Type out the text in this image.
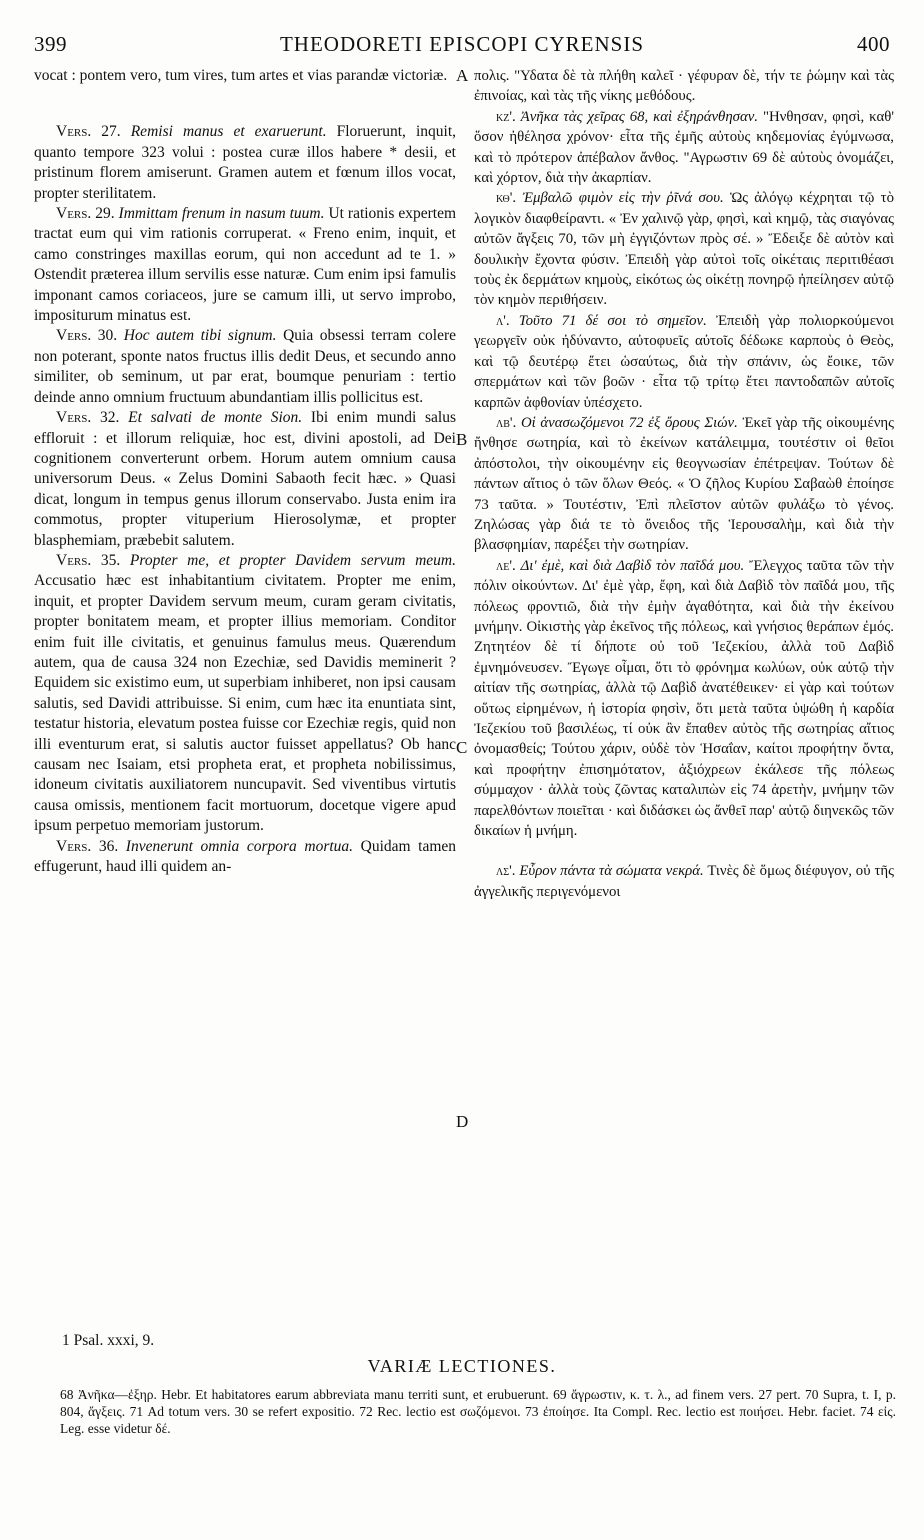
399	THEODORETI EPISCOPI CYRENSIS	400
A
B
C
D

vocat : pontem vero, tum vires, tum artes et vias parandæ victoriæ.

Vers. 27. Remisi manus et exaruerunt. Floruerunt, inquit, quanto tempore 323 volui : postea curæ illos habere * desii, et pristinum florem amiserunt. Gramen autem et fœnum illos vocat, propter sterilitatem.

Vers. 29. Immittam frenum in nasum tuum. Ut rationis expertem tractat eum qui vim rationis corruperat. « Freno enim, inquit, et camo constringes maxillas eorum, qui non accedunt ad te 1. » Ostendit præterea illum servilis esse naturæ. Cum enim ipsi famulis imponant camos coriaceos, jure se camum illi, ut servo improbo, impositurum minatus est.

Vers. 30. Hoc autem tibi signum. Quia obsessi terram colere non poterant, sponte natos fructus illis dedit Deus, et secundo anno similiter, ob seminum, ut par erat, boumque penuriam : tertio deinde anno omnium fructuum abundantiam illis pollicitus est.

Vers. 32. Et salvati de monte Sion. Ibi enim mundi salus effloruit : et illorum reliquiæ, hoc est, divini apostoli, ad Dei cognitionem converterunt orbem. Horum autem omnium causa universorum Deus. « Zelus Domini Sabaoth fecit hæc. » Quasi dicat, longum in tempus genus illorum conservabo. Justa enim ira commotus, propter vituperium Hierosolymæ, et propter blasphemiam, præbebit salutem.

Vers. 35. Propter me, et propter Davidem servum meum. Accusatio hæc est inhabitantium civitatem. Propter me enim, inquit, et propter Davidem servum meum, curam geram civitatis, propter bonitatem meam, et propter illius memoriam. Conditor enim fuit ille civitatis, et genuinus famulus meus. Quærendum autem, qua de causa 324 non Ezechiæ, sed Davidis meminerit ? Equidem sic existimo eum, ut superbiam inhiberet, non ipsi causam salutis, sed Davidi attribuisse. Si enim, cum hæc ita enuntiata sint, testatur historia, elevatum postea fuisse cor Ezechiæ regis, quid non illi eventurum erat, si salutis auctor fuisset appellatus? Ob hanc causam nec Isaiam, etsi propheta erat, et propheta nobilissimus, idoneum civitatis auxiliatorem nuncupavit. Sed viventibus virtutis causa omissis, mentionem facit mortuorum, docetque vigere apud ipsum perpetuo memoriam justorum.

Vers. 36. Invenerunt omnia corpora mortua. Quidam tamen effugerunt, haud illi quidem an-

πολις. "Υδατα δὲ τὰ πλήθη καλεῖ · γέφυραν δὲ, τήν τε ῥώμην καὶ τὰς ἐπινοίας, καὶ τὰς τῆς νίκης μεθόδους.

κζ'. Ἀνῆκα τὰς χεῖρας 68, καὶ ἐξηράνθησαν. "Ηνθησαν, φησὶ, καθ' ὅσον ἠθέλησα χρόνον· εἶτα τῆς ἐμῆς αὐτοὺς κηδεμονίας ἐγύμνωσα, καὶ τὸ πρότερον ἀπέβαλον ἄνθος. "Αγρωστιν 69 δὲ αὐτοὺς ὀνομάζει, καὶ χόρτον, διὰ τὴν ἀκαρπίαν.

κθ'. Ἐμβαλῶ φιμὸν εἰς τὴν ῥῖνά σου. Ὡς ἀλόγῳ κέχρηται τῷ τὸ λογικὸν διαφθείραντι. « Ἐν χαλινῷ γὰρ, φησὶ, καὶ κημῷ, τὰς σιαγόνας αὐτῶν ἄγξεις 70, τῶν μὴ ἐγγιζόντων πρὸς σέ. » Ἔδειξε δὲ αὐτὸν καὶ δουλικὴν ἔχοντα φύσιν. Ἐπειδὴ γὰρ αὐτοὶ τοῖς οἰκέταις περιτιθέασι τοὺς ἐκ δερμάτων κημοὺς, εἰκότως ὡς οἰκέτῃ πονηρῷ ἠπείλησεν αὐτῷ τὸν κημὸν περιθήσειν.

λ'. Τοῦτο 71 δέ σοι τὸ σημεῖον. Ἐπειδὴ γὰρ πολιορκούμενοι γεωργεῖν οὐκ ἠδύναντο, αὐτοφυεῖς αὐτοῖς δέδωκε καρποὺς ὁ Θεὸς, καὶ τῷ δευτέρῳ ἔτει ὡσαύτως, διὰ τὴν σπάνιν, ὡς ἔοικε, τῶν σπερμάτων καὶ τῶν βοῶν · εἶτα τῷ τρίτῳ ἔτει παντοδαπῶν αὐτοῖς καρπῶν ἀφθονίαν ὑπέσχετο.

λβ'. Οἱ ἀνασωζόμενοι 72 ἐξ ὄρους Σιών. Ἐκεῖ γὰρ τῆς οἰκουμένης ἤνθησε σωτηρία, καὶ τὸ ἐκείνων κατάλειμμα, τουτέστιν οἱ θεῖοι ἀπόστολοι, τὴν οἰκουμένην εἰς θεογνωσίαν ἐπέτρεψαν. Τούτων δὲ πάντων αἴτιος ὁ τῶν ὅλων Θεός. « Ὁ ζῆλος Κυρίου Σαβαὼθ ἐποίησε 73 ταῦτα. » Τουτέστιν, Ἐπὶ πλεῖστον αὐτῶν φυλάξω τὸ γένος. Ζηλώσας γὰρ διά τε τὸ ὄνειδος τῆς Ἱερουσαλὴμ, καὶ διὰ τὴν βλασφημίαν, παρέξει τὴν σωτηρίαν.

λε'. Δι' ἐμὲ, καὶ διὰ Δαβὶδ τὸν παῖδά μου. Ἔλεγχος ταῦτα τῶν τὴν πόλιν οἰκούντων. Δι' ἐμὲ γὰρ, ἔφη, καὶ διὰ Δαβὶδ τὸν παῖδά μου, τῆς πόλεως φροντιῶ, διὰ τὴν ἐμὴν ἀγαθότητα, καὶ διὰ τὴν ἐκείνου μνήμην. Οἰκιστὴς γὰρ ἐκεῖνος τῆς πόλεως, καὶ γνήσιος θεράπων ἐμός. Ζητητέον δὲ τί δήποτε οὐ τοῦ Ἰεζεκίου, ἀλλὰ τοῦ Δαβὶδ ἐμνημόνευσεν. Ἔγωγε οἶμαι, ὅτι τὸ φρόνημα κωλύων, οὐκ αὐτῷ τὴν αἰτίαν τῆς σωτηρίας, ἀλλὰ τῷ Δαβὶδ ἀνατέθεικεν· εἰ γὰρ καὶ τούτων οὕτως εἰρημένων, ἡ ἱστορία φησὶν, ὅτι μετὰ ταῦτα ὑψώθη ἡ καρδία Ἰεζεκίου τοῦ βασιλέως, τί οὐκ ἂν ἔπαθεν αὐτὸς τῆς σωτηρίας αἴτιος ὀνομασθείς; Τούτου χάριν, οὐδὲ τὸν Ἡσαΐαν, καίτοι προφήτην ὄντα, καὶ προφήτην ἐπισημότατον, ἀξιόχρεων ἐκάλεσε τῆς πόλεως σύμμαχον · ἀλλὰ τοὺς ζῶντας καταλιπὼν εἰς 74 ἀρετὴν, μνήμην τῶν παρελθόντων ποιεῖται · καὶ διδάσκει ὡς ἄνθεῖ παρ' αὐτῷ διηνεκῶς τῶν δικαίων ἡ μνήμη.

λς'. Εὗρον πάντα τὰ σώματα νεκρά. Τινὲς δὲ ὅμως διέφυγον, οὐ τῆς ἀγγελικῆς περιγενόμενοι

1 Psal. xxxi, 9.
VARIÆ LECTIONES.
68 Ἀνῆκα—ἐξηρ. Hebr. Et habitatores earum abbreviata manu territi sunt, et erubuerunt. 69 ἄγρωστιν, κ. τ. λ., ad finem vers. 27 pert. 70 Supra, t. I, p. 804, ἄγξεις. 71 Ad totum vers. 30 se refert expositio. 72 Rec. lectio est σωζόμενοι. 73 ἐποίησε. Ita Compl. Rec. lectio est ποιήσει. Hebr. faciet. 74 εἰς. Leg. esse videtur δέ.
